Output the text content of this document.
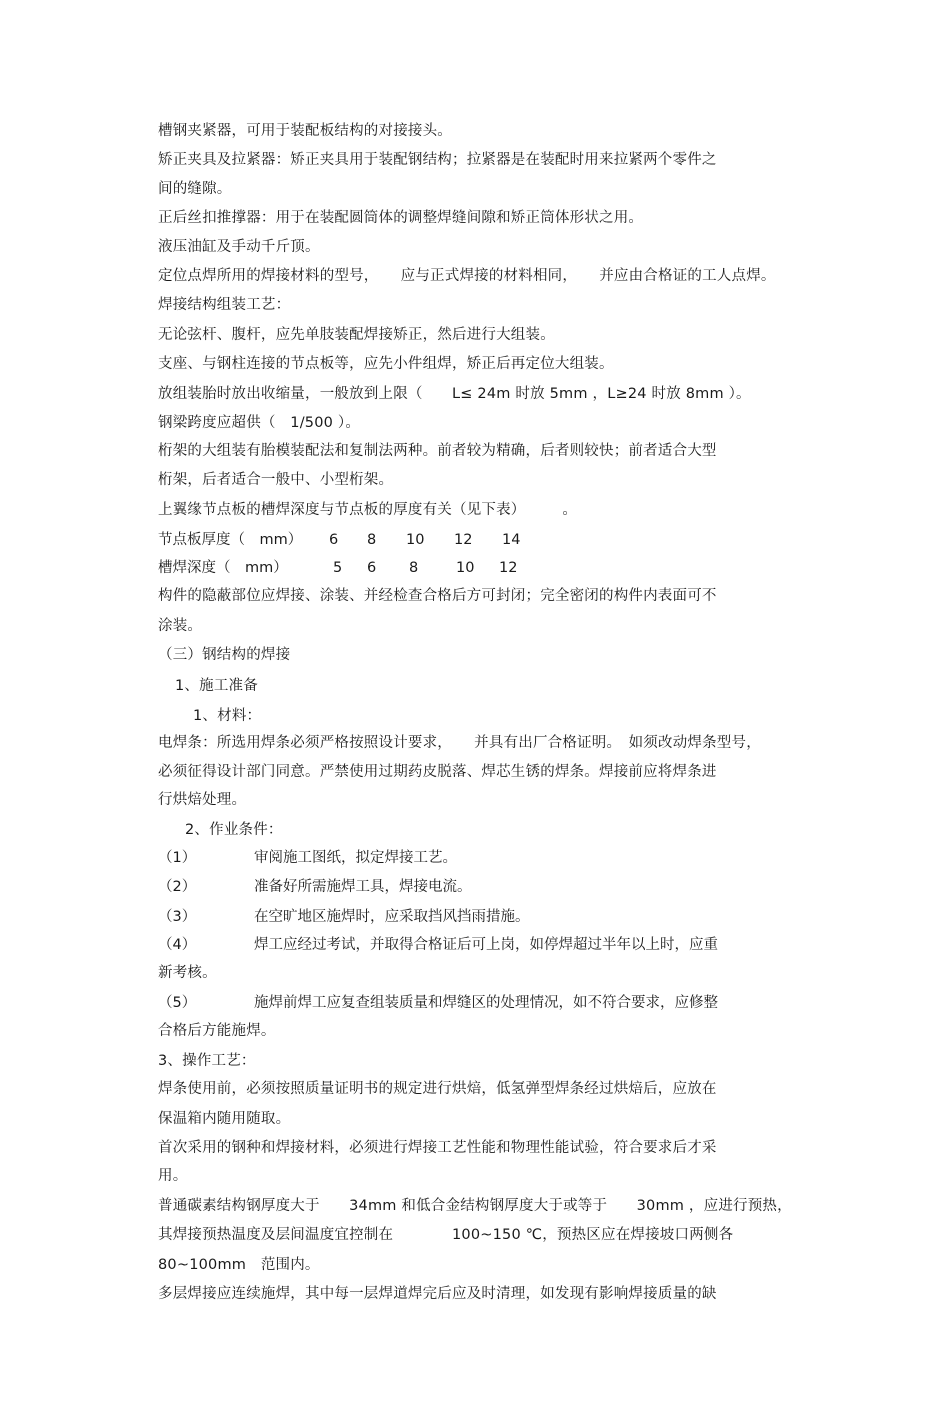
槽钢夹紧器，可用于装配板结构的对接接头。
矫正夹具及拉紧器：矫正夹具用于装配钢结构；拉紧器是在装配时用来拉紧两个零件之
间的缝隙。
正后丝扣推撑器：用于在装配圆筒体的调整焊缝间隙和矫正筒体形状之用。
液压油缸及手动千斤顶。
定位点焊所用的焊接材料的型号，　　应与正式焊接的材料相同，　　并应由合格证的工人点焊。
焊接结构组装工艺：
无论弦杆、腹杆，应先单肢装配焊接矫正，然后进行大组装。
支座、与钢柱连接的节点板等，应先小件组焊，矫正后再定位大组装。
放组装胎时放出收缩量，一般放到上限（　　L≤ 24m 时放 5mm ，L≥24 时放 8mm ）。
钢梁跨度应超供（　1/500 ）。
桁架的大组装有胎模装配法和复制法两种。前者较为精确，后者则较快；前者适合大型
桁架，后者适合一般中、小型桁架。
上翼缘节点板的槽焊深度与节点板的厚度有关（见下表）　　　。
节点板厚度（　mm） 6 8 10 12 14
槽焊深度（　mm）	5 6 8	10 12
构件的隐蔽部位应焊接、涂装、并经检查合格后方可封闭；完全密闭的构件内表面可不
涂装。
（三）钢结构的焊接
1、施工准备
1、材料：
电焊条：所选用焊条必须严格按照设计要求，　　并具有出厂合格证明。　如须改动焊条型号，
必须征得设计部门同意。严禁使用过期药皮脱落、焊芯生锈的焊条。焊接前应将焊条进
行烘焙处理。
2、作业条件：
（1）	审阅施工图纸，拟定焊接工艺。
（2）	准备好所需施焊工具，焊接电流。
（3）	在空旷地区施焊时，应采取挡风挡雨措施。
（4）	焊工应经过考试，并取得合格证后可上岗，如停焊超过半年以上时，应重
新考核。
（5）	施焊前焊工应复查组装质量和焊缝区的处理情况，如不符合要求，应修整
合格后方能施焊。
3、操作工艺：
焊条使用前，必须按照质量证明书的规定进行烘焙，低氢弹型焊条经过烘焙后，应放在
保温箱内随用随取。
首次采用的钢种和焊接材料，必须进行焊接工艺性能和物理性能试验，符合要求后才采
用。
普通碳素结构钢厚度大于　　34mm 和低合金结构钢厚度大于或等于　　30mm ，应进行预热，
其焊接预热温度及层间温度宜控制在　　　　100~150 ℃，预热区应在焊接坡口两侧各
80~100mm　范围内。
多层焊接应连续施焊，其中每一层焊道焊完后应及时清理，如发现有影响焊接质量的缺
